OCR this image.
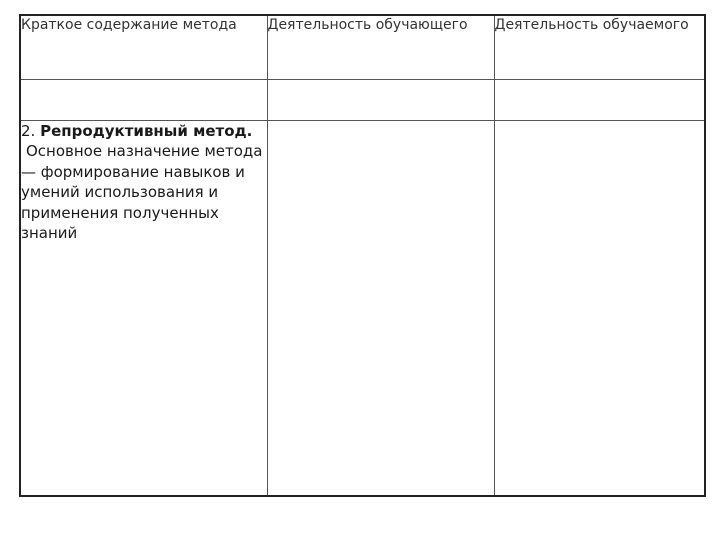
Краткое содержание метода	Деятельность обучающего	Деятельность обучаемого

2. Репродуктивный метод.
Основное назначение метода — формирование навыков и умений использования и применения полученных знаний		
